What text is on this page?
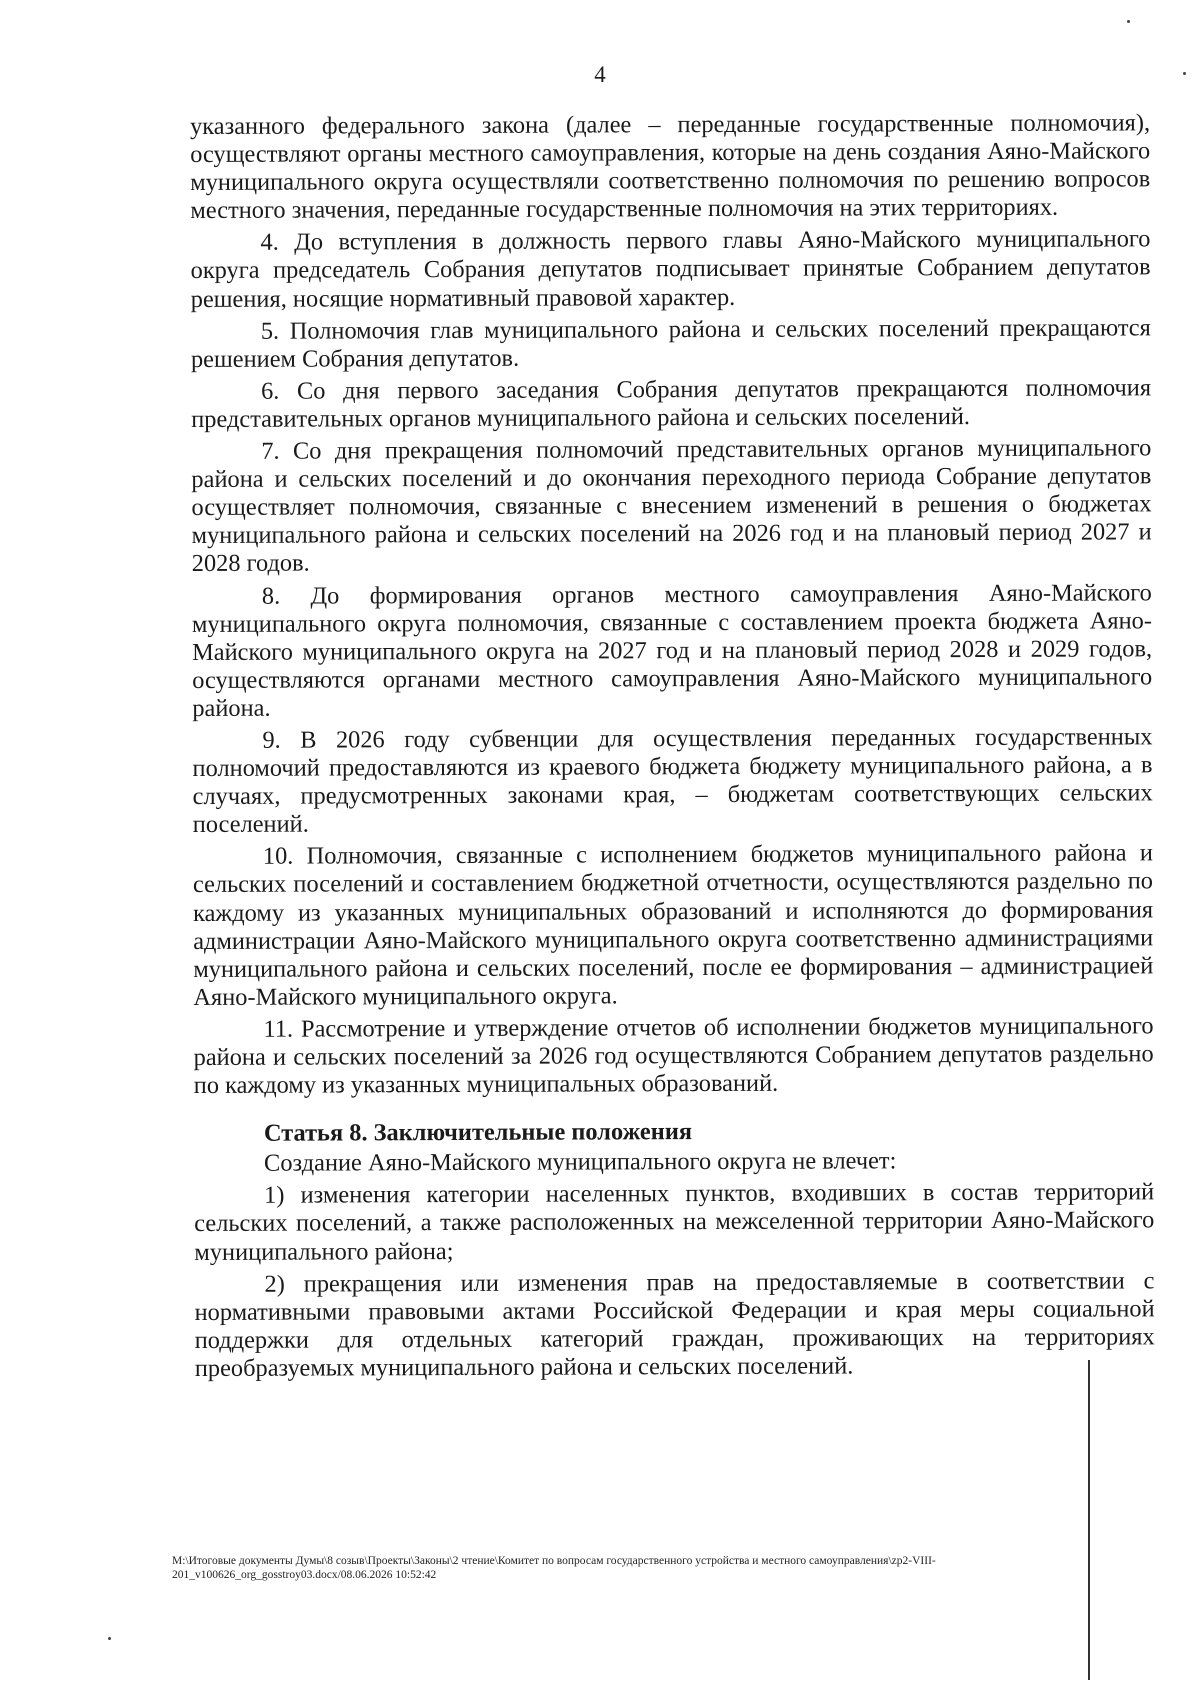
4

указанного федерального закона (далее – переданные государственные полномочия), осуществляют органы местного самоуправления, которые на день создания Аяно-Майского муниципального округа осуществляли соответственно полномочия по решению вопросов местного значения, переданные государственные полномочия на этих территориях.

4. До вступления в должность первого главы Аяно-Майского муниципального округа председатель Собрания депутатов подписывает принятые Собранием депутатов решения, носящие нормативный правовой характер.

5. Полномочия глав муниципального района и сельских поселений прекращаются решением Собрания депутатов.

6. Со дня первого заседания Собрания депутатов прекращаются полномочия представительных органов муниципального района и сельских поселений.

7. Со дня прекращения полномочий представительных органов муниципального района и сельских поселений и до окончания переходного периода Собрание депутатов осуществляет полномочия, связанные с внесением изменений в решения о бюджетах муниципального района и сельских поселений на 2026 год и на плановый период 2027 и 2028 годов.

8. До формирования органов местного самоуправления Аяно-Майского муниципального округа полномочия, связанные с составлением проекта бюджета Аяно-Майского муниципального округа на 2027 год и на плановый период 2028 и 2029 годов, осуществляются органами местного самоуправления Аяно-Майского муниципального района.

9. В 2026 году субвенции для осуществления переданных государственных полномочий предоставляются из краевого бюджета бюджету муниципального района, а в случаях, предусмотренных законами края, – бюджетам соответствующих сельских поселений.

10. Полномочия, связанные с исполнением бюджетов муниципального района и сельских поселений и составлением бюджетной отчетности, осуществляются раздельно по каждому из указанных муниципальных образований и исполняются до формирования администрации Аяно-Майского муниципального округа соответственно администрациями муниципального района и сельских поселений, после ее формирования – администрацией Аяно-Майского муниципального округа.

11. Рассмотрение и утверждение отчетов об исполнении бюджетов муниципального района и сельских поселений за 2026 год осуществляются Собранием депутатов раздельно по каждому из указанных муниципальных образований.

Статья 8. Заключительные положения

Создание Аяно-Майского муниципального округа не влечет:

1) изменения категории населенных пунктов, входивших в состав территорий сельских поселений, а также расположенных на межселенной территории Аяно-Майского муниципального района;

2) прекращения или изменения прав на предоставляемые в соответствии с нормативными правовыми актами Российской Федерации и края меры социальной поддержки для отдельных категорий граждан, проживающих на территориях преобразуемых муниципального района и сельских поселений.

M:\Итоговые документы Думы\8 созыв\Проекты\Законы\2 чтение\Комитет по вопросам государственного устройства и местного самоуправления\zp2-VIII-201_v100626_org_gosstroy03.docx/08.06.2026 10:52:42
